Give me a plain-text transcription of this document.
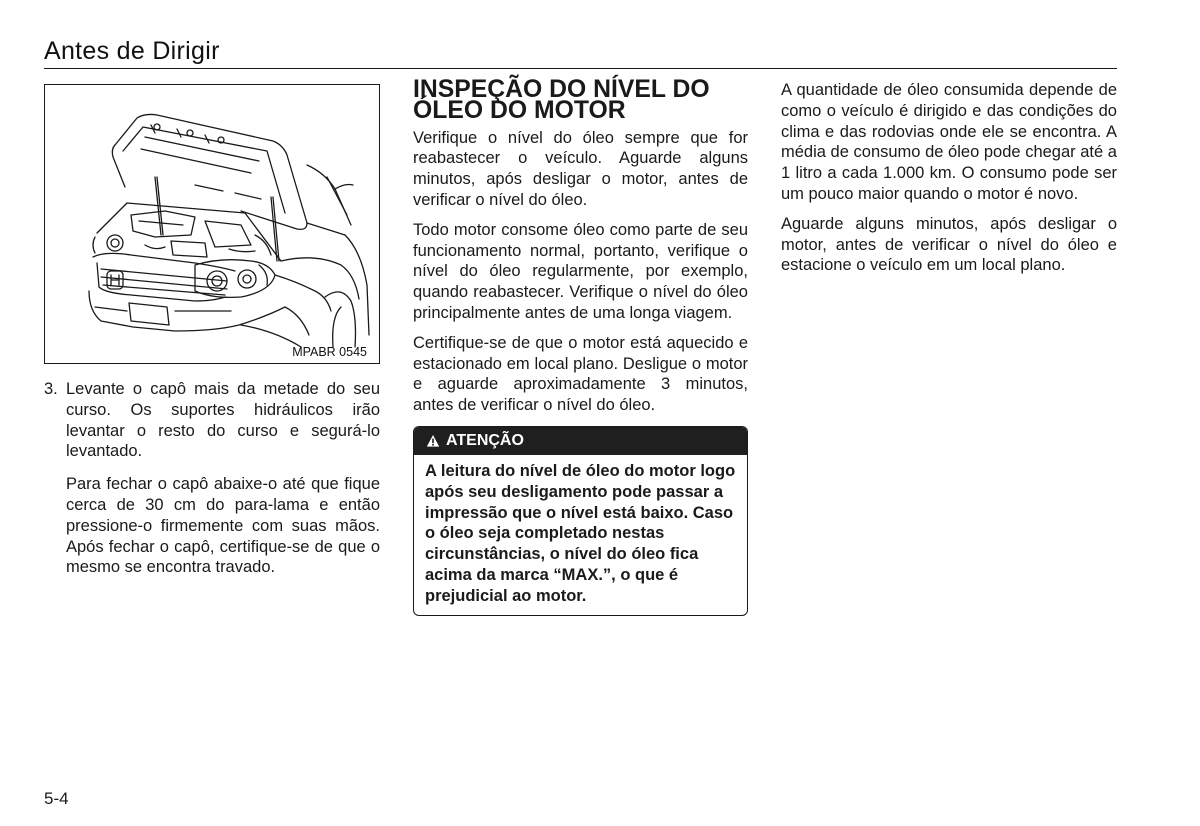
Antes de Dirigir
MPABR 0545
3. Levante o capô mais da metade do seu curso. Os suportes hidráulicos irão levantar o resto do curso e segurá-lo levantado.

Para fechar o capô abaixe-o até que fique cerca de 30 cm do para-lama e então pressione-o firmemente com suas mãos. Após fechar o capô, certifique-se de que o mesmo se encontra travado.

INSPEÇÃO DO NÍVEL DO ÓLEO DO MOTOR

Verifique o nível do óleo sempre que for reabastecer o veículo. Aguarde alguns minutos, após desligar o motor, antes de verificar o nível do óleo.

Todo motor consome óleo como parte de seu funcionamento normal, portanto, verifique o nível do óleo regularmente, por exemplo, quando reabastecer. Verifique o nível do óleo principalmente antes de uma longa viagem.

Certifique-se de que o motor está aquecido e estacionado em local plano. Desligue o motor e aguarde aproximadamente 3 minutos, antes de verificar o nível do óleo.

ATENÇÃO
A leitura do nível de óleo do motor logo após seu desligamento pode passar a impressão que o nível está baixo. Caso o óleo seja completado nestas circunstâncias, o nível do óleo fica acima da marca “MAX.”, o que é prejudicial ao motor.

A quantidade de óleo consumida depende de como o veículo é dirigido e das condições do clima e das rodovias onde ele se encontra. A média de consumo de óleo pode chegar até a 1 litro a cada 1.000 km. O consumo pode ser um pouco maior quando o motor é novo.

Aguarde alguns minutos, após desligar o motor, antes de verificar o nível do óleo e estacione o veículo em um local plano.

5-4
